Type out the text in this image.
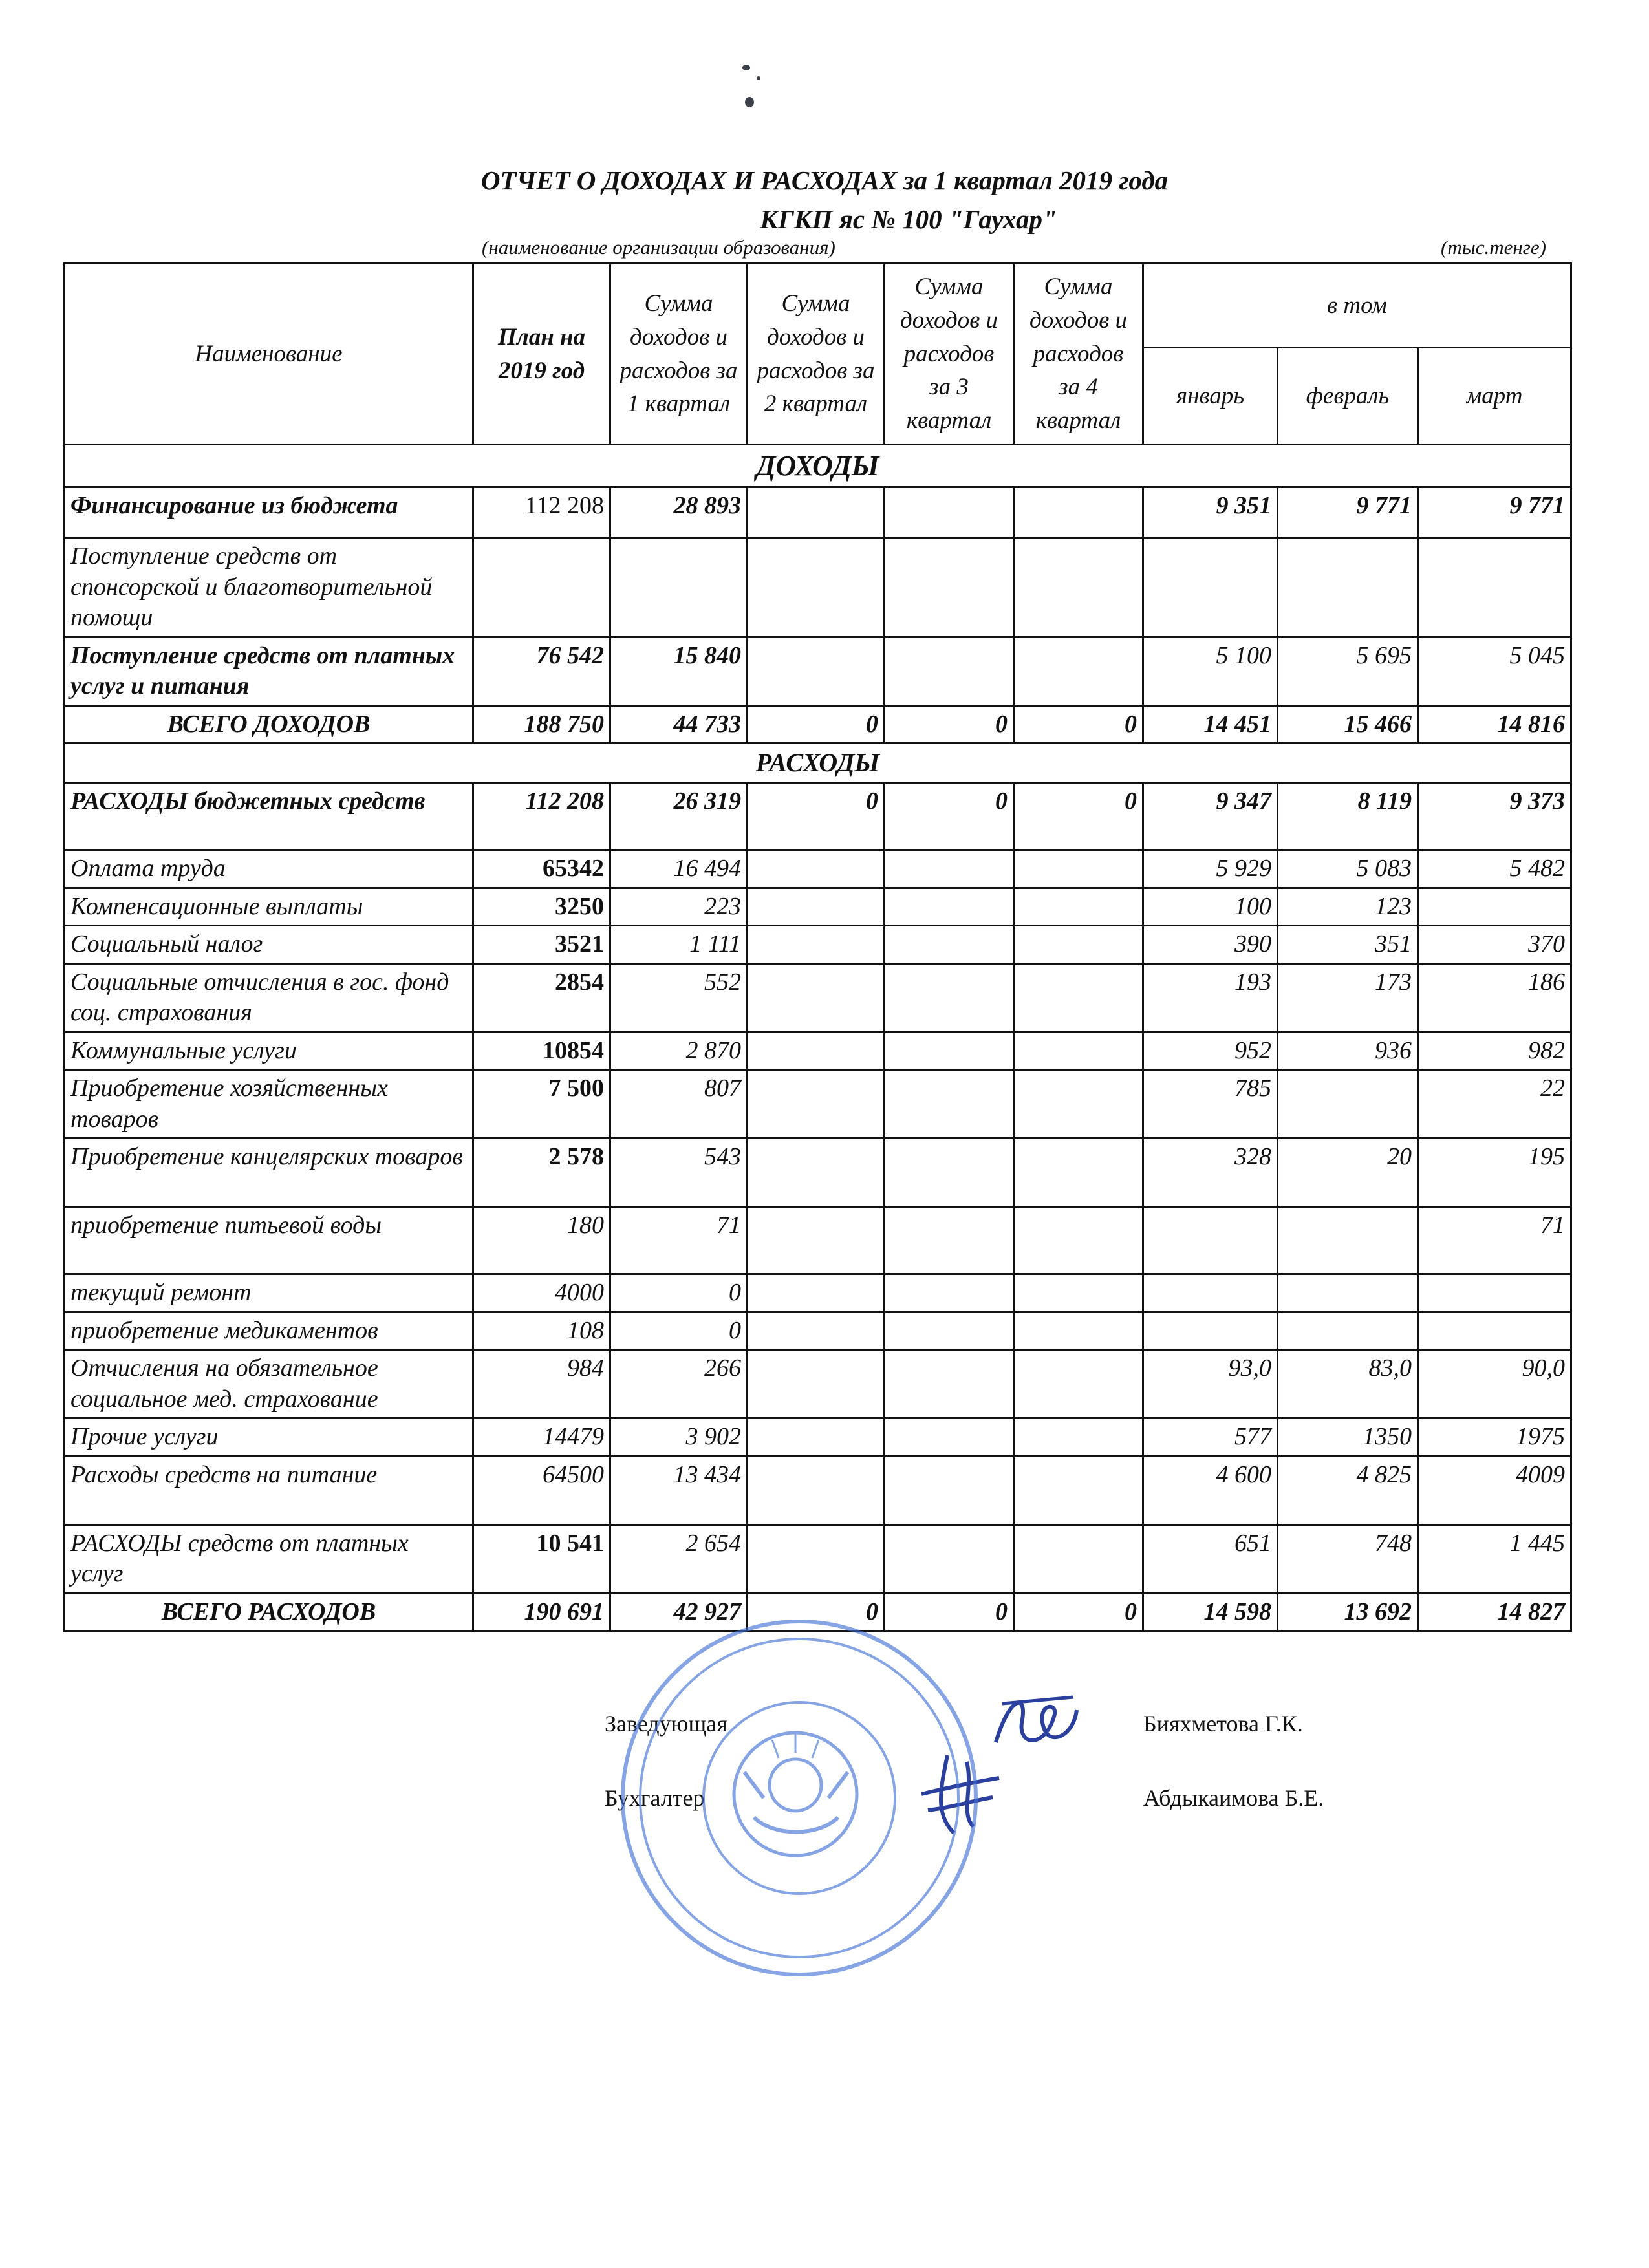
ОТЧЕТ О ДОХОДАХ И РАСХОДАХ за 1 квартал 2019 года
КГКП яс № 100 "Гаухар"
(наименование организации образования)	(тыс.тенге)
Наименование	План на 2019 год	Сумма доходов и расходов за 1 квартал	Сумма доходов и расходов за 2 квартал	Сумма доходов и расходов за 3 квартал	Сумма доходов и расходов за 4 квартал	в том		
						январь	февраль	март
ДОХОДЫ								
Финансирование из бюджета	112 208	28 893				9 351	9 771	9 771
Поступление средств от спонсорской и благотворительной помощи								
Поступление средств от платных услуг и питания	76 542	15 840				5 100	5 695	5 045
ВСЕГО ДОХОДОВ	188 750	44 733	0	0	0	14 451	15 466	14 816
РАСХОДЫ								
РАСХОДЫ бюджетных средств	112 208	26 319	0	0	0	9 347	8 119	9 373
Оплата труда	65342	16 494				5 929	5 083	5 482
Компенсационные выплаты	3250	223				100	123	
Социальный налог	3521	1 111				390	351	370
Социальные отчисления в гос. фонд соц. страхования	2854	552				193	173	186
Коммунальные услуги	10854	2 870				952	936	982
Приобретение хозяйственных товаров	7 500	807				785		22
Приобретение канцелярских товаров	2 578	543				328	20	195
приобретение питьевой воды	180	71						71
текущий ремонт	4000	0						
приобретение медикаментов	108	0						
Отчисления на обязательное социальное мед. страхование	984	266				93,0	83,0	90,0
Прочие услуги	14479	3 902				577	1350	1975
Расходы средств на питание	64500	13 434				4 600	4 825	4009
РАСХОДЫ средств от платных услуг	10 541	2 654				651	748	1 445
ВСЕГО РАСХОДОВ	190 691	42 927	0	0	0	14 598	13 692	14 827
Заведующая	Бияхметова Г.К.
Бухгалтер	Абдыкаимова Б.Е.
